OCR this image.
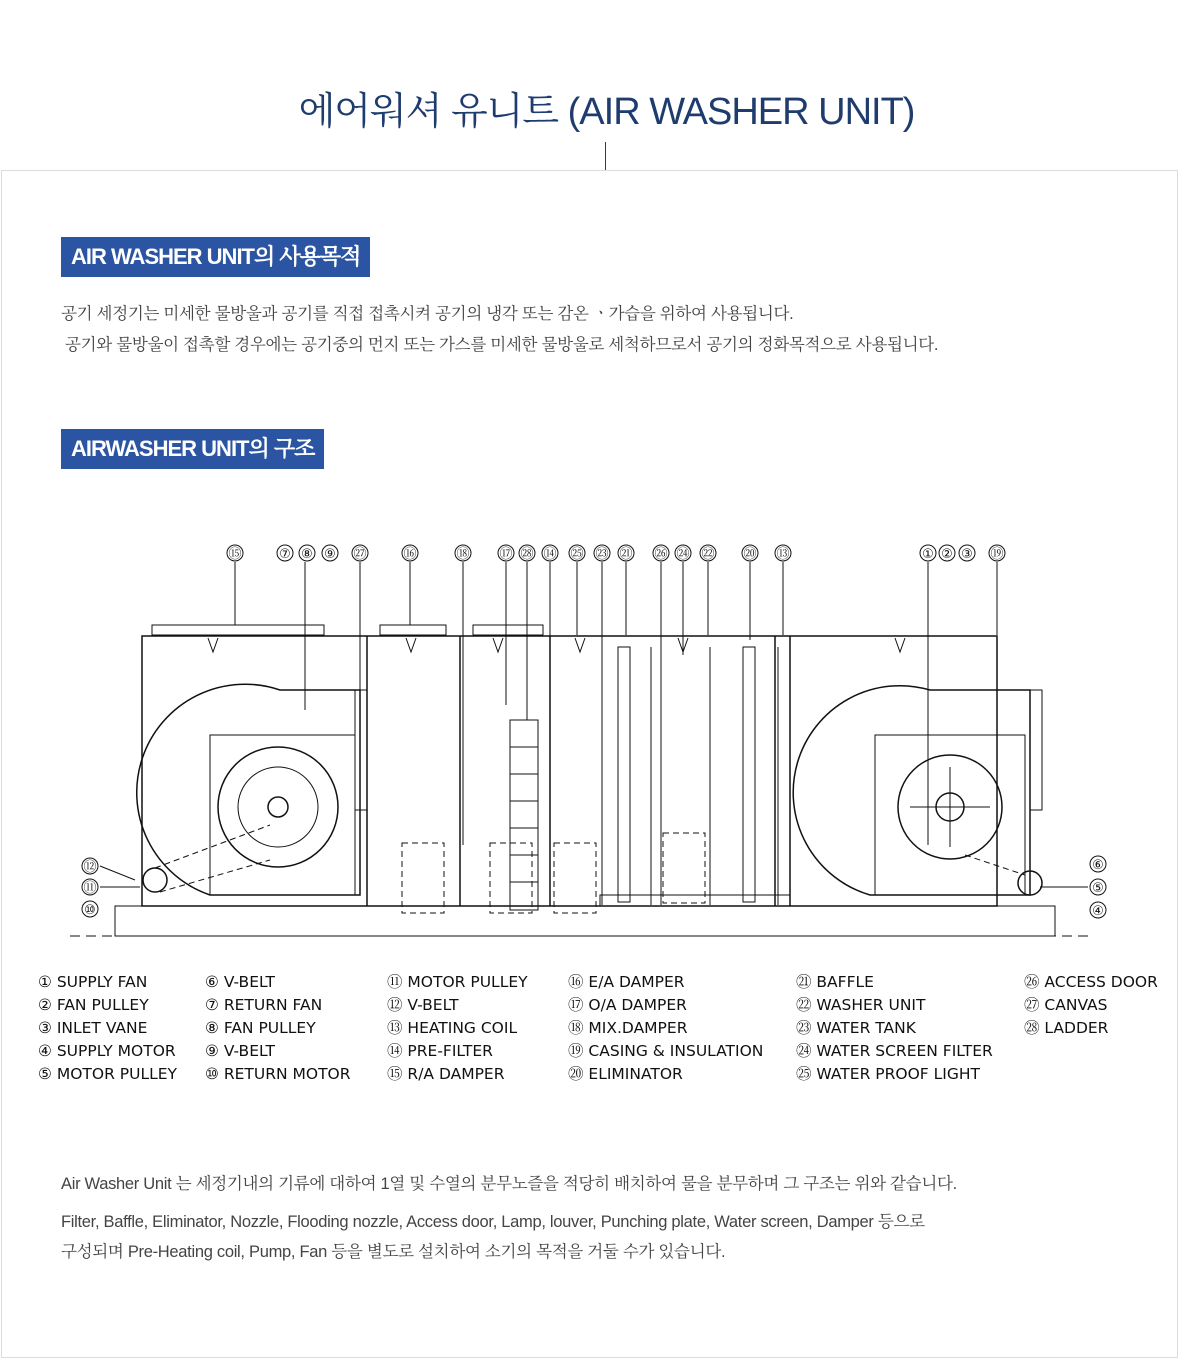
에어워셔 유니트 (AIR WASHER UNIT)
AIR WASHER UNIT의 사용목적

공기 세정기는 미세한 물방울과 공기를 직접 접촉시켜 공기의 냉각 또는 감온 ㆍ가습을 위하여 사용됩니다.

공기와 물방울이 접촉할 경우에는 공기중의 먼지 또는 가스를 미세한 물방울로 세척하므로서 공기의 정화목적으로 사용됩니다.

AIRWASHER UNIT의 구조
⑮	⑦ ⑧ ⑨ ㉗	⑯	⑱ ⑰ ㉘ ⑭ ㉕ ㉓ ㉑ ㉖ ㉔ ㉒ ⑳ ⑬	① ② ③ ⑲
⑫
⑪
⑩
⑥
⑤
④
① SUPPLY FAN
② FAN PULLEY
③ INLET VANE
④ SUPPLY MOTOR
⑤ MOTOR PULLEY
⑥ V-BELT
⑦ RETURN FAN
⑧ FAN PULLEY
⑨ V-BELT
⑩ RETURN MOTOR
⑪ MOTOR PULLEY
⑫ V-BELT
⑬ HEATING COIL
⑭ PRE-FILTER
⑮ R/A DAMPER
⑯ E/A DAMPER
⑰ O/A DAMPER
⑱ MIX.DAMPER
⑲ CASING & INSULATION
⑳ ELIMINATOR
㉑ BAFFLE
㉒ WASHER UNIT
㉓ WATER TANK
㉔ WATER SCREEN FILTER
㉕ WATER PROOF LIGHT
㉖ ACCESS DOOR
㉗ CANVAS
㉘ LADDER

Air Washer Unit 는 세정기내의 기류에 대하여 1열 및 수열의 분무노즐을 적당히 배치하여 물을 분무하며 그 구조는 위와 같습니다.

Filter, Baffle, Eliminator, Nozzle, Flooding nozzle, Access door, Lamp, louver, Punching plate, Water screen, Damper 등으로

구성되며 Pre-Heating coil, Pump, Fan 등을 별도로 설치하여 소기의 목적을 거둘 수가 있습니다.
